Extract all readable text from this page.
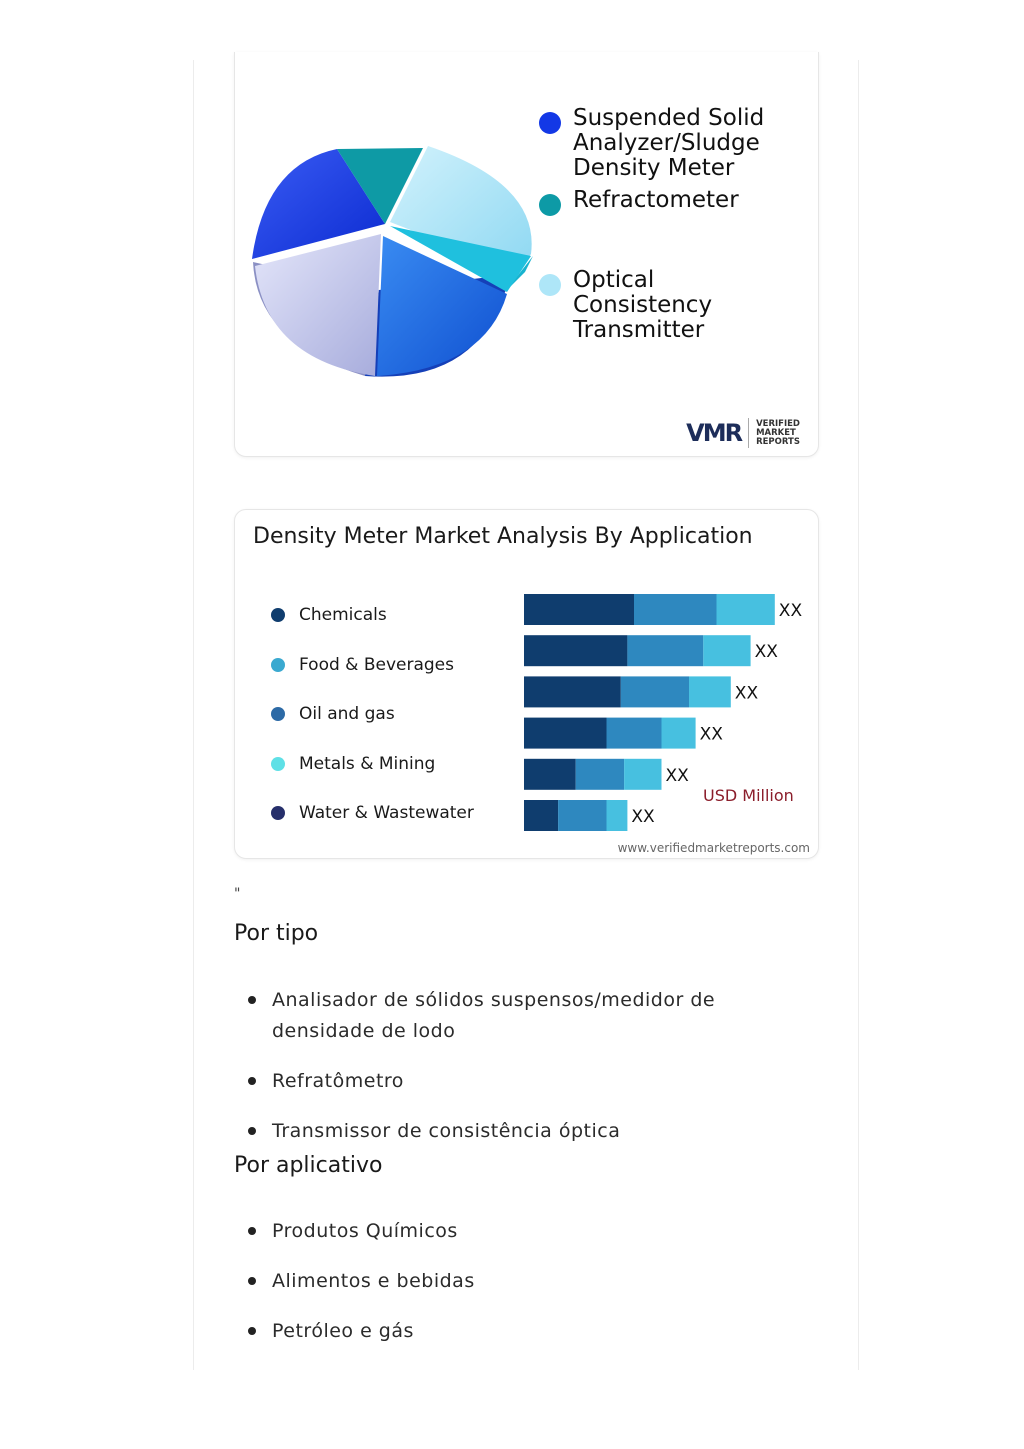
Suspended Solid Analyzer/Sludge Density Meter
Refractometer
Optical Consistency Transmitter
VMR VERIFIED
MARKET
REPORTS
Density Meter Market Analysis By Application
Chemicals
Food & Beverages
Oil and gas
Metals & Mining
Water & Wastewater
XX
XX
XX
XX
XX
XX
USD Million
www.verifiedmarketreports.com
"
Por tipo
Analisador de sólidos suspensos/medidor de densidade de lodo
Refratômetro
Transmissor de consistência óptica
Por aplicativo
Produtos Químicos
Alimentos e bebidas
Petróleo e gás
